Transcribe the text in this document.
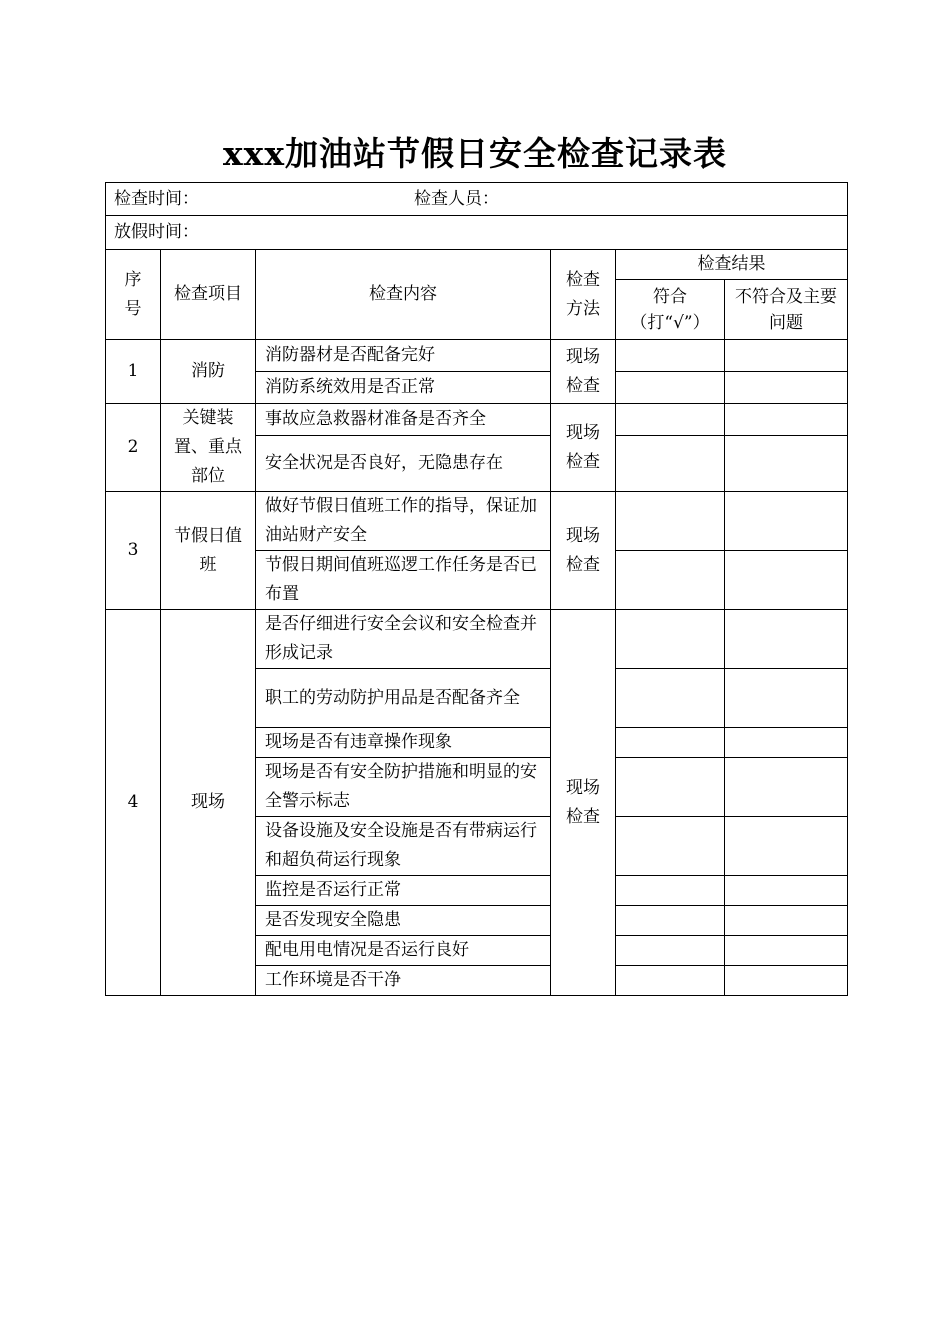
xxx加油站节假日安全检查记录表
检查时间： 检查人员：					
放假时间：					
序号	检查项目	检查内容	检查方法	检查结果	
				符合（打“√”）	不符合及主要问题
1	消防	消防器材是否配备完好	现场检查		
		消防系统效用是否正常			
2	关键装置、重点部位	事故应急救器材准备是否齐全	现场检查		
		安全状况是否良好，无隐患存在			
3	节假日值班	做好节假日值班工作的指导，保证加油站财产安全	现场检查		
		节假日期间值班巡逻工作任务是否已布置			
4	现场	是否仔细进行安全会议和安全检查并形成记录	现场检查		
		职工的劳动防护用品是否配备齐全			
		现场是否有违章操作现象			
		现场是否有安全防护措施和明显的安全警示标志			
		设备设施及安全设施是否有带病运行和超负荷运行现象			
		监控是否运行正常			
		是否发现安全隐患			
		配电用电情况是否运行良好			
		工作环境是否干净			
